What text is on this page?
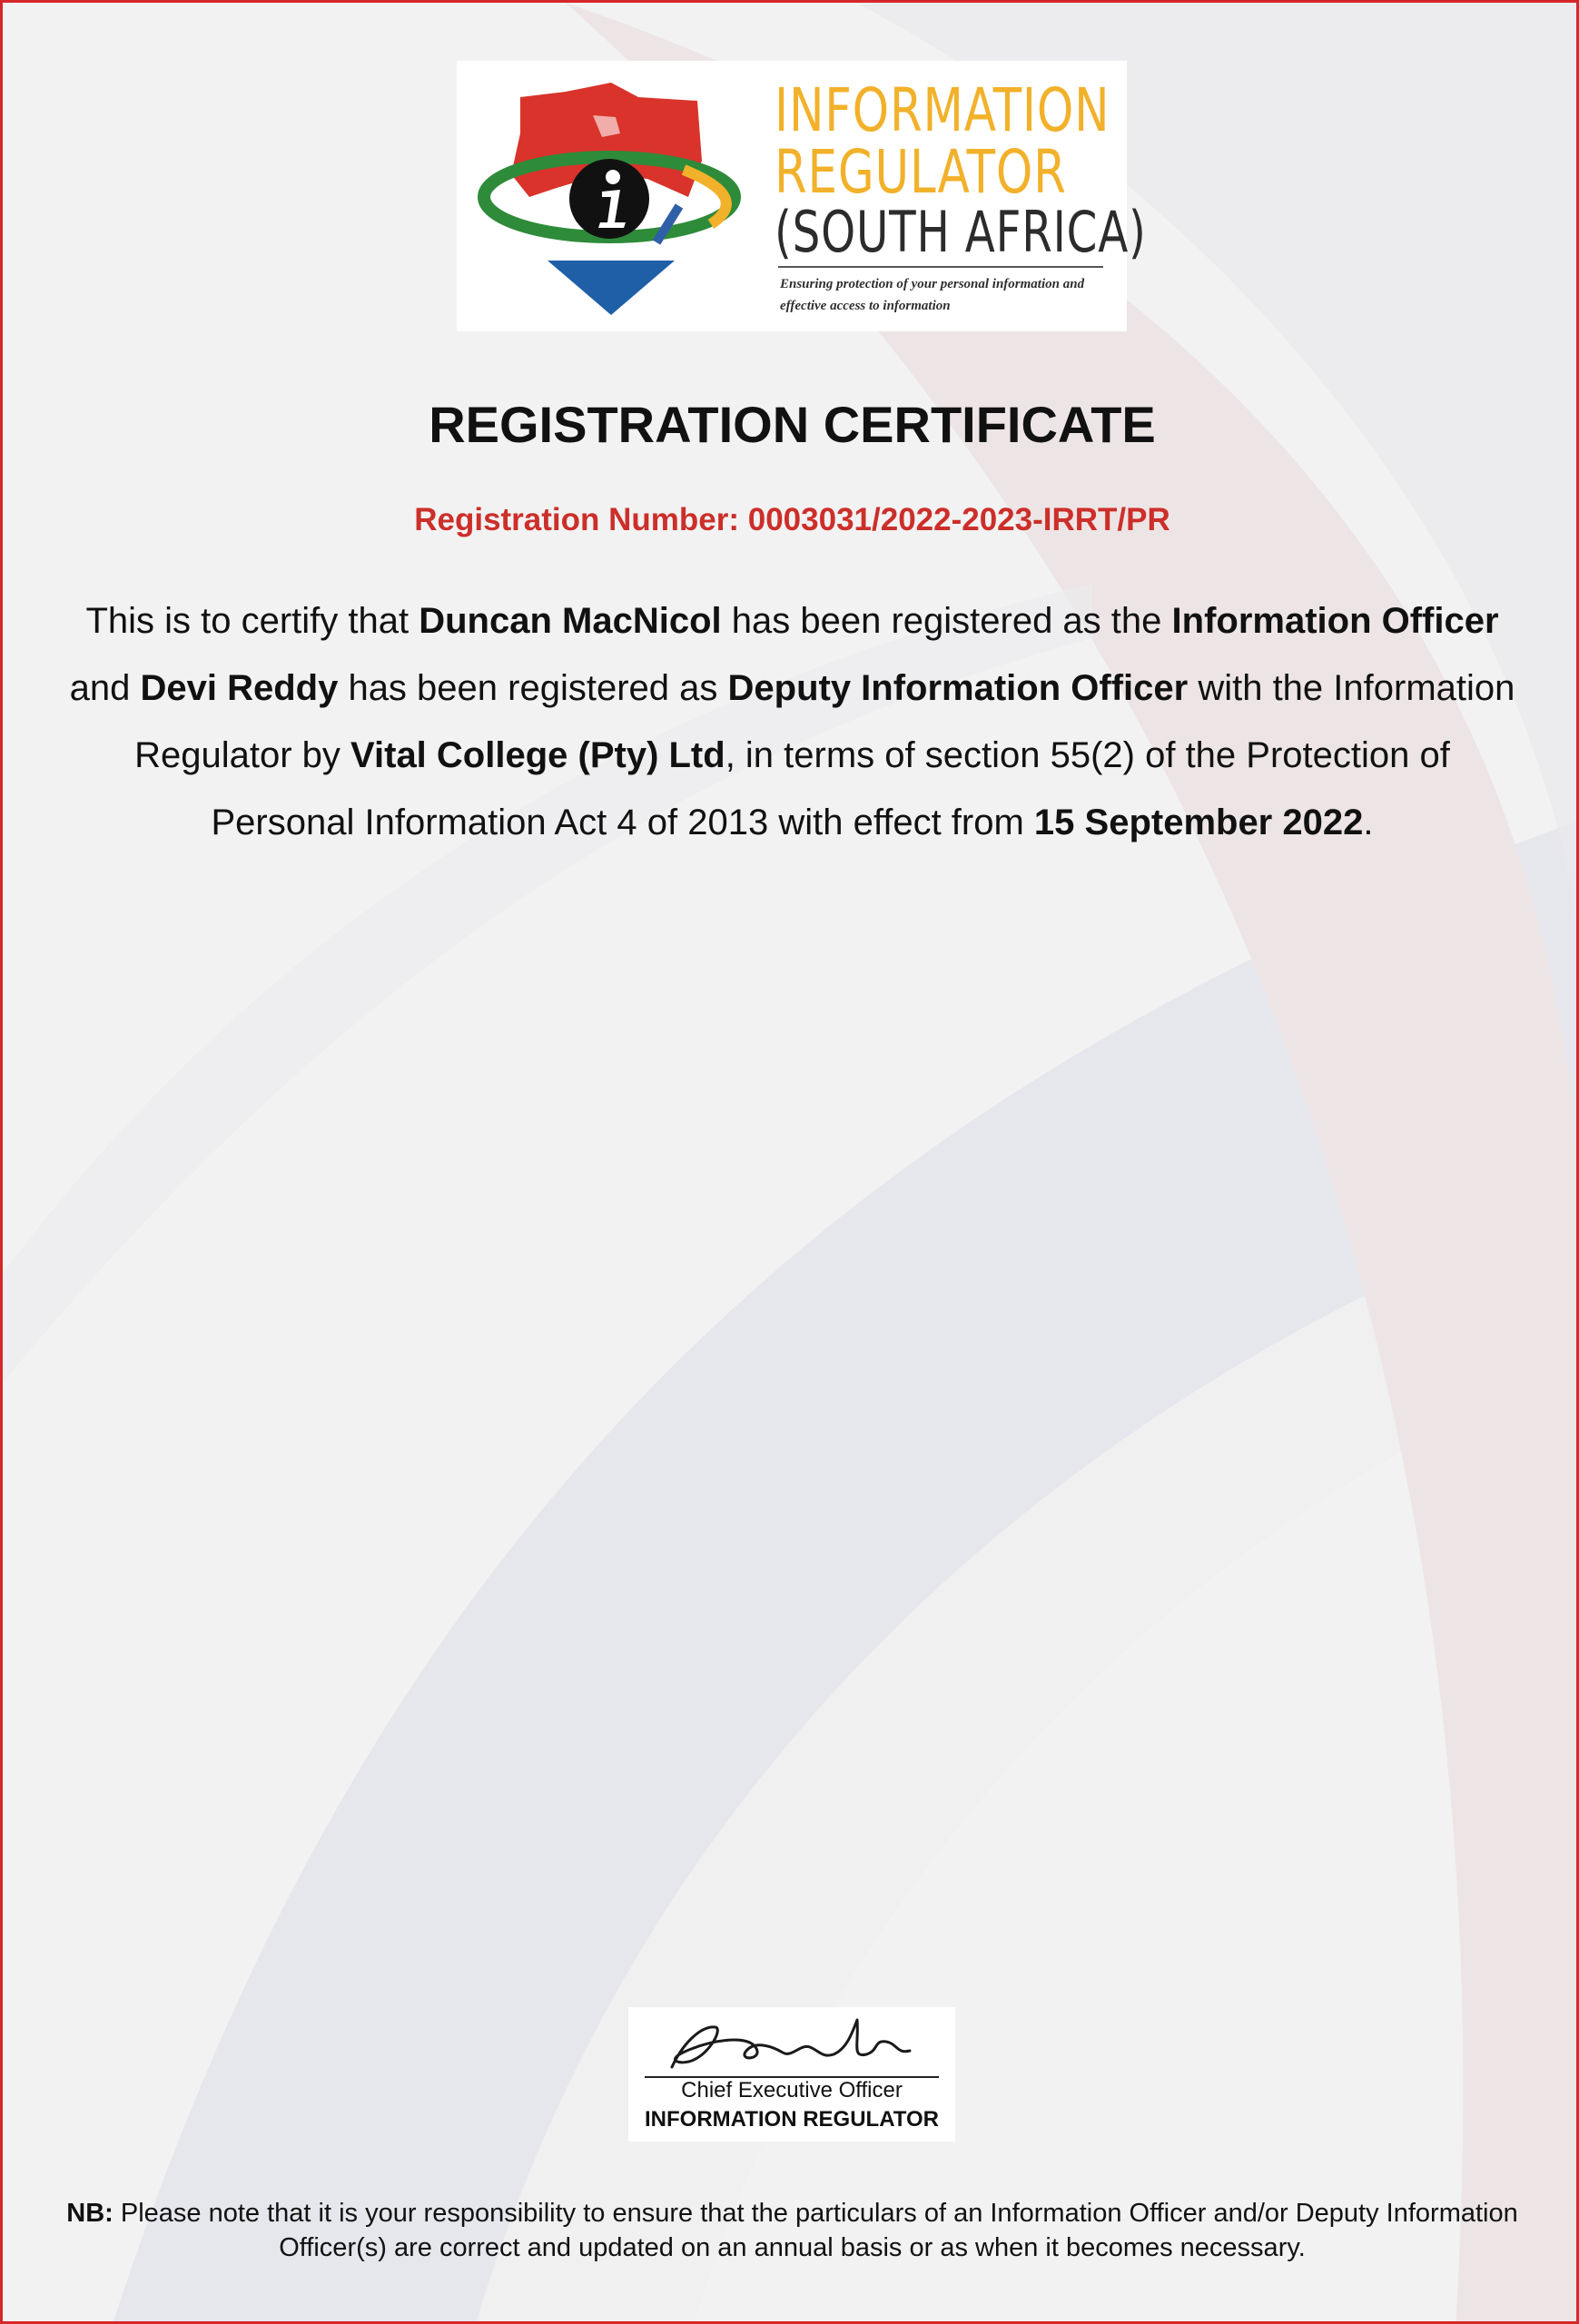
INFORMATION
REGULATOR
(SOUTH AFRICA)
Ensuring protection of your personal information and effective access to information
REGISTRATION CERTIFICATE
Registration Number: 0003031/2022-2023-IRRT/PR
This is to certify that Duncan MacNicol has been registered as the Information Officer and Devi Reddy has been registered as Deputy Information Officer with the Information Regulator by Vital College (Pty) Ltd, in terms of section 55(2) of the Protection of Personal Information Act 4 of 2013 with effect from 15 September 2022.
Chief Executive Officer
INFORMATION REGULATOR
NB: Please note that it is your responsibility to ensure that the particulars of an Information Officer and/or Deputy Information Officer(s) are correct and updated on an annual basis or as when it becomes necessary.
